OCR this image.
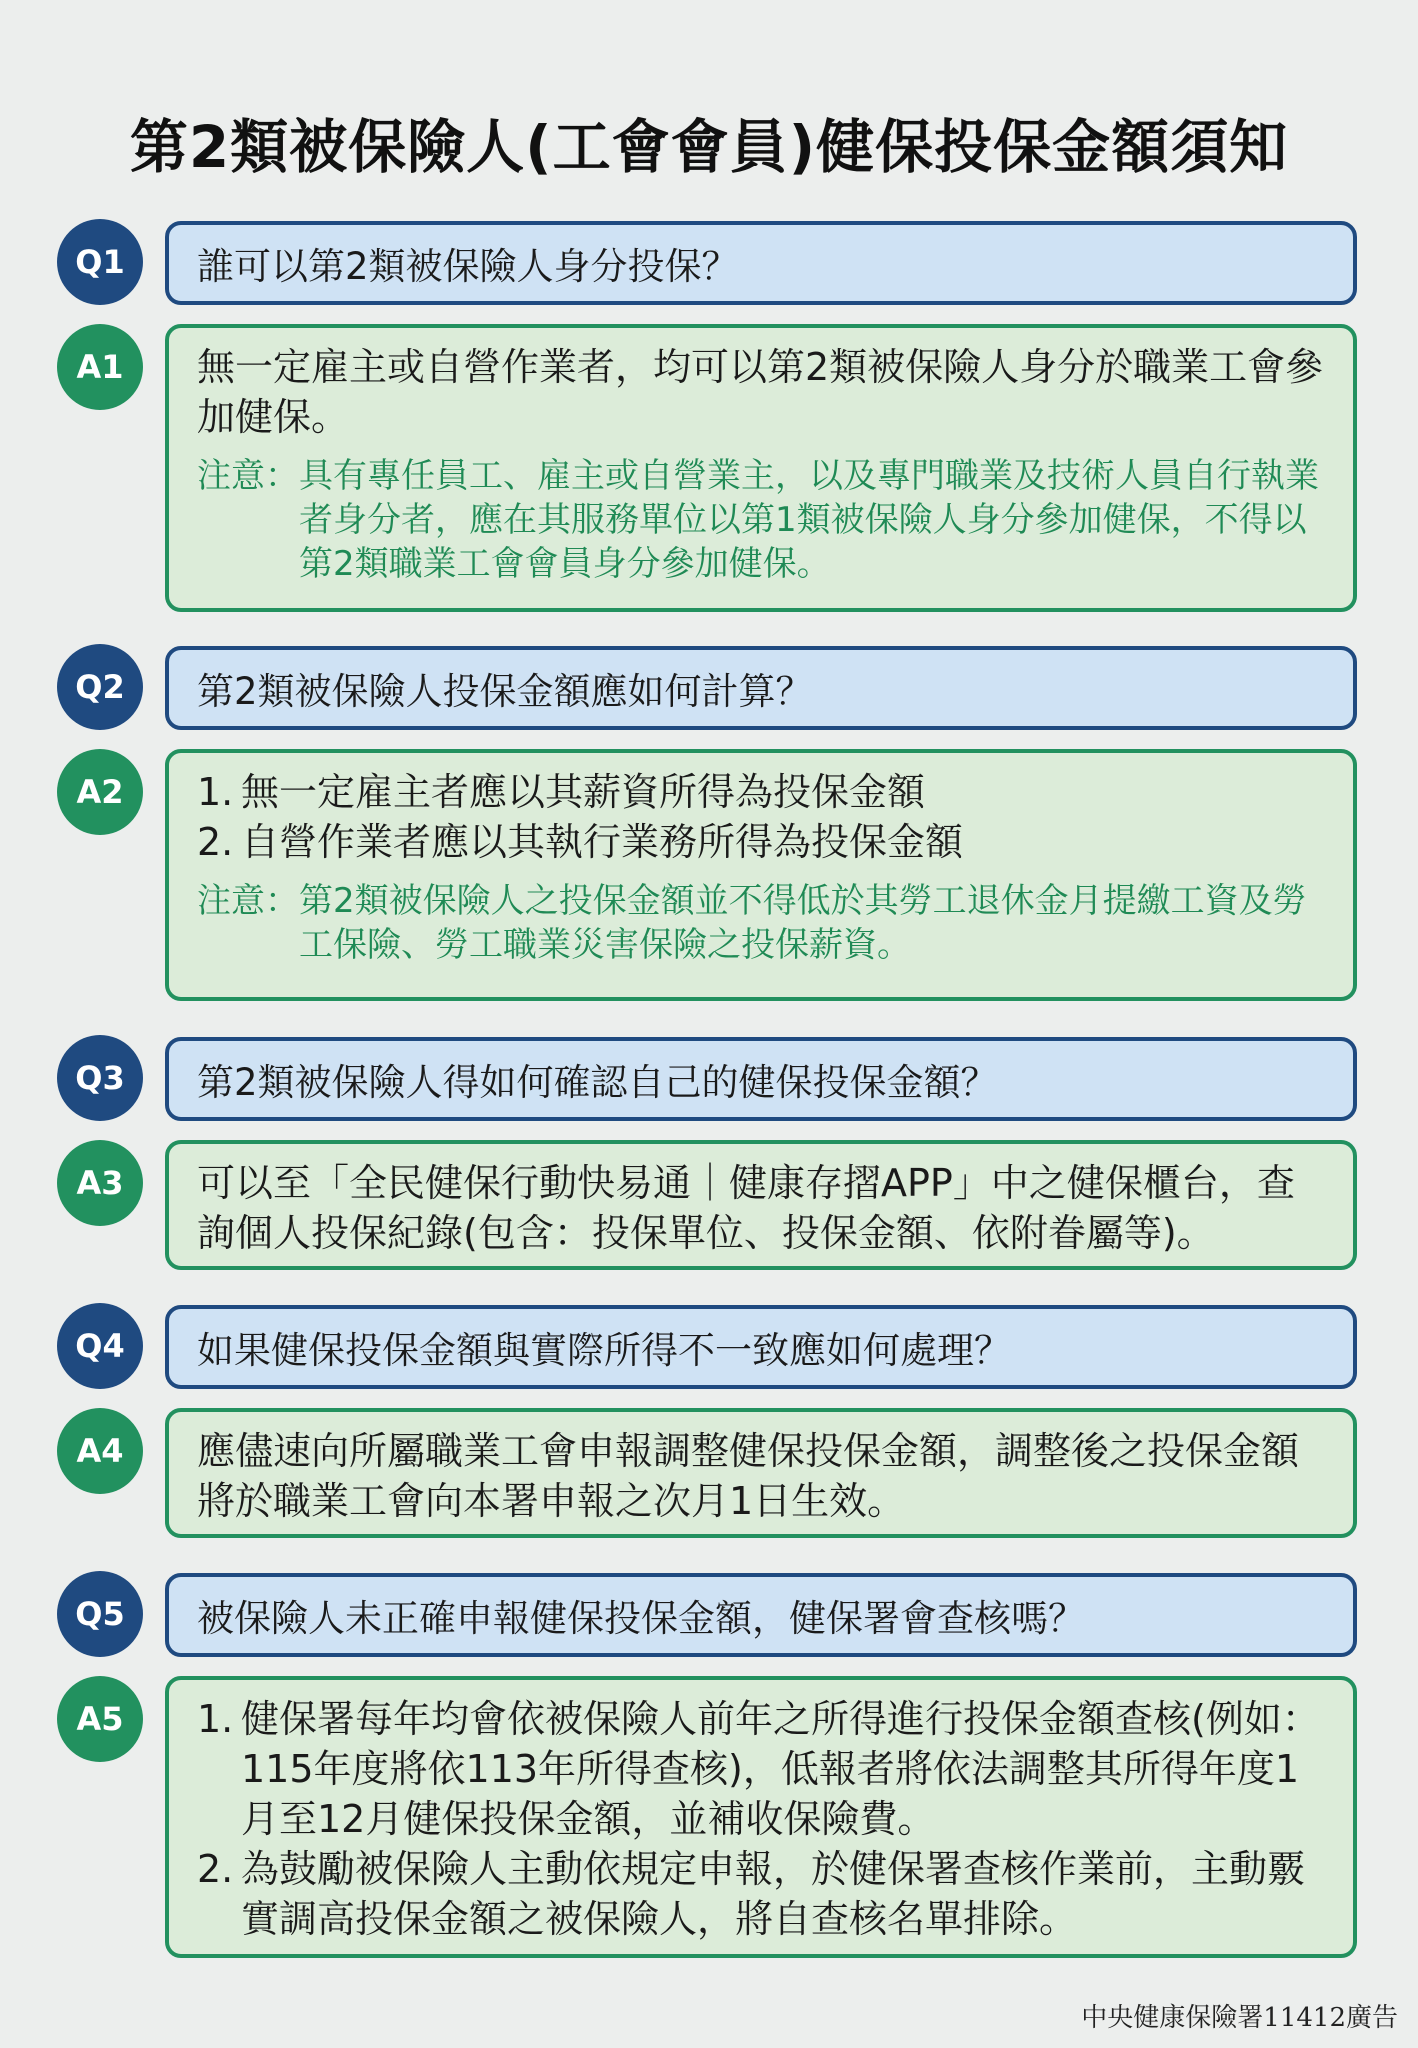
第2類被保險人(工會會員)健保投保金額須知
Q1	誰可以第2類被保險人身分投保？
A1	無一定雇主或自營作業者，均可以第2類被保險人身分於職業工會參加健保。

注意： 具有專任員工、雇主或自營業主，以及專門職業及技術人員自行執業者身分者，應在其服務單位以第1類被保險人身分參加健保，不得以第2類職業工會會員身分參加健保。
Q2	第2類被保險人投保金額應如何計算？
A2	1. 無一定雇主者應以其薪資所得為投保金額
2. 自營作業者應以其執行業務所得為投保金額
注意： 第2類被保險人之投保金額並不得低於其勞工退休金月提繳工資及勞工保險、勞工職業災害保險之投保薪資。
Q3	第2類被保險人得如何確認自己的健保投保金額？
A3	可以至「全民健保行動快易通｜健康存摺APP」中之健保櫃台，查詢個人投保紀錄(包含：投保單位、投保金額、依附眷屬等)。

Q4	如果健保投保金額與實際所得不一致應如何處理？
A4	應儘速向所屬職業工會申報調整健保投保金額，調整後之投保金額將於職業工會向本署申報之次月1日生效。

Q5	被保險人未正確申報健保投保金額，健保署會查核嗎？
A5	1. 健保署每年均會依被保險人前年之所得進行投保金額查核(例如：115年度將依113年所得查核)，低報者將依法調整其所得年度1月至12月健保投保金額，並補收保險費。
2. 為鼓勵被保險人主動依規定申報，於健保署查核作業前，主動覈實調高投保金額之被保險人，將自查核名單排除。
中央健康保險署11412廣告
